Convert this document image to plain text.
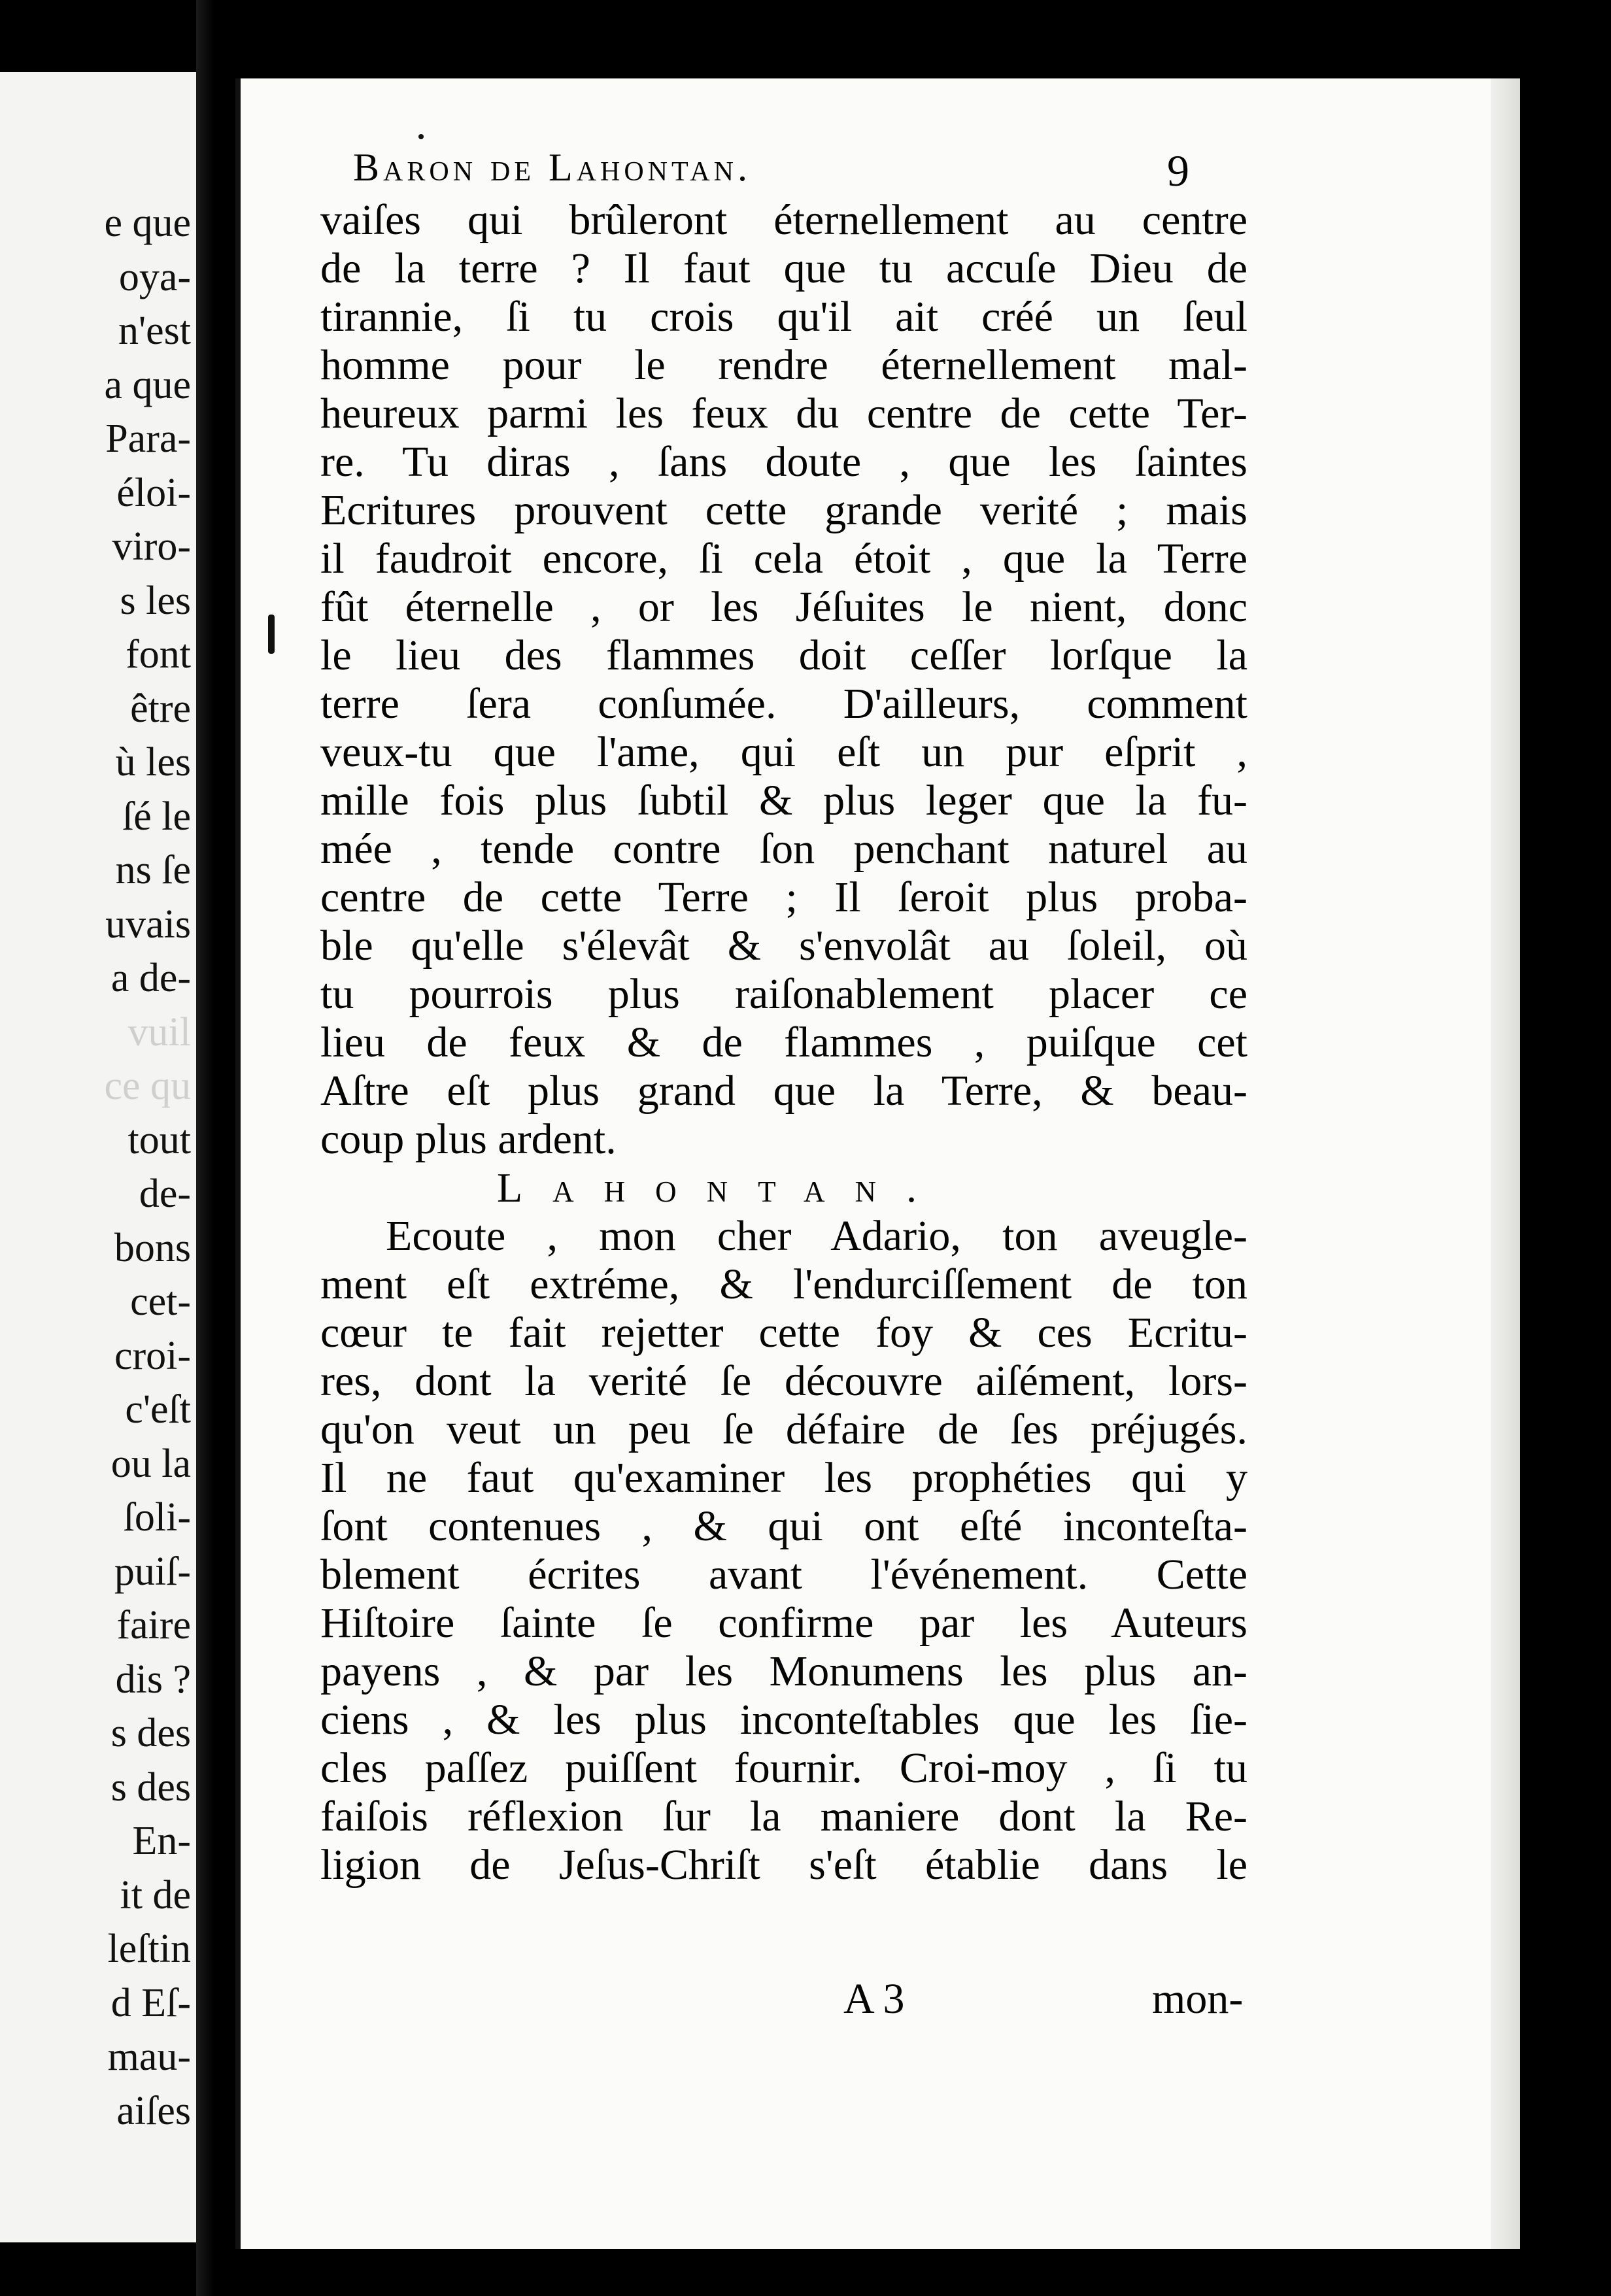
e que
oya-
n'est
a que
Para-
éloi-
viro-
s les
font
être
ù les
ſé le
ns ſe
uvais
a de-
vuil
ce qu
tout
de-
bons
cet-
croi-
c'eſt
ou la
ſoli-
puiſ-
faire
dis ?
s des
s des
En-
it de
leſtin
d Eſ-
mau-
aiſes
Baron de Lahontan.	9
vaiſes qui brûleront éternellement au centre
de la terre ? Il faut que tu accuſe Dieu de
tirannie, ſi tu crois qu'il ait créé un ſeul
homme pour le rendre éternellement mal-
heureux parmi les feux du centre de cette Ter-
re. Tu diras , ſans doute , que les ſaintes
Ecritures prouvent cette grande verité ; mais
il faudroit encore, ſi cela étoit , que la Terre
fût éternelle , or les Jéſuites le nient, donc
le lieu des flammes doit ceſſer lorſque la
terre ſera conſumée. D'ailleurs, comment
veux-tu que l'ame, qui eſt un pur eſprit ,
mille fois plus ſubtil & plus leger que la fu-
mée , tende contre ſon penchant naturel au
centre de cette Terre ; Il ſeroit plus proba-
ble qu'elle s'élevât & s'envolât au ſoleil, où
tu pourrois plus raiſonablement placer ce
lieu de feux & de flammes , puiſque cet
Aſtre eſt plus grand que la Terre, & beau-
coup plus ardent.
Lahontan.
Ecoute , mon cher Adario, ton aveugle-
ment eſt extréme, & l'endurciſſement de ton
cœur te fait rejetter cette foy & ces Ecritu-
res, dont la verité ſe découvre aiſément, lors-
qu'on veut un peu ſe défaire de ſes préjugés.
Il ne faut qu'examiner les prophéties qui y
ſont contenues , & qui ont eſté inconteſta-
blement écrites avant l'événement. Cette
Hiſtoire ſainte ſe confirme par les Auteurs
payens , & par les Monumens les plus an-
ciens , & les plus inconteſtables que les ſie-
cles paſſez puiſſent fournir. Croi-moy , ſi tu
faiſois réflexion ſur la maniere dont la Re-
ligion de Jeſus-Chriſt s'eſt établie dans le
A 3	mon-
